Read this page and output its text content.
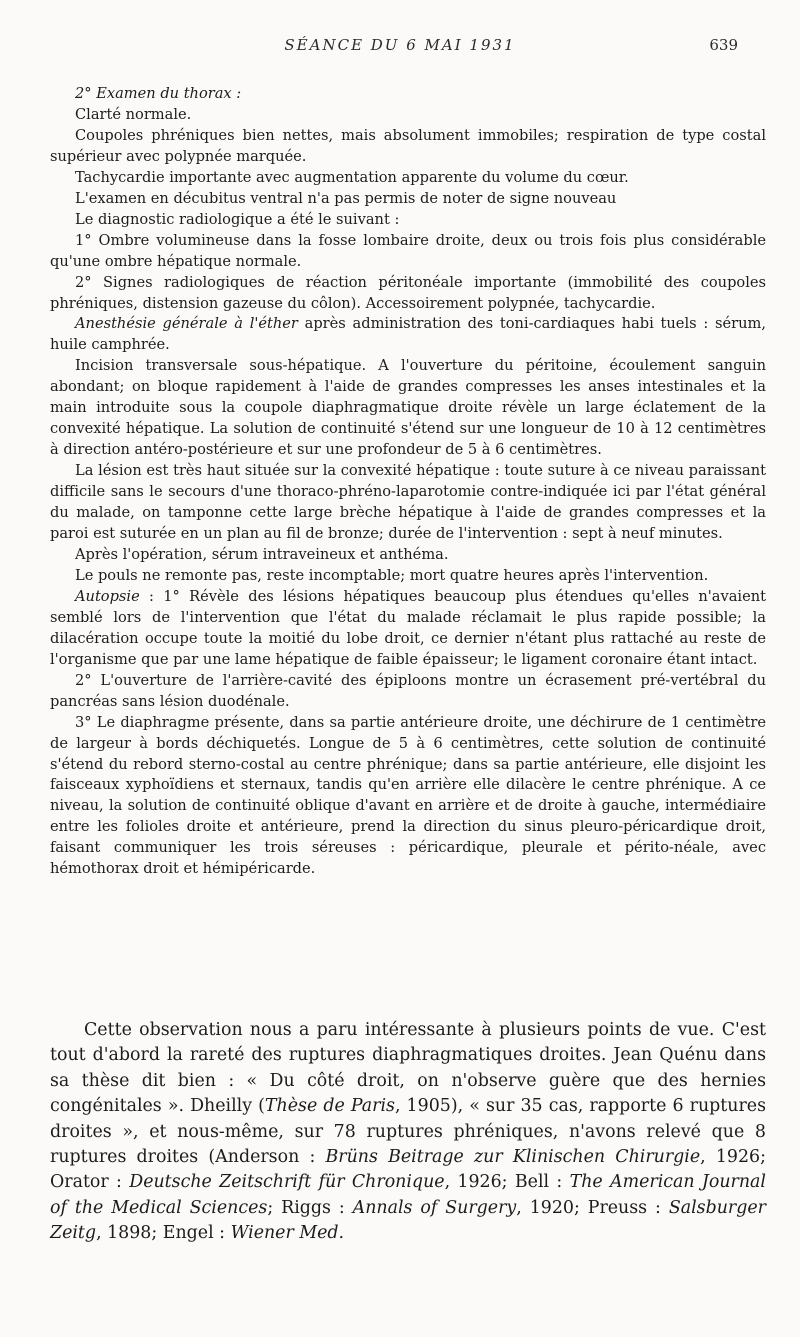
SÉANCE DU 6 MAI 1931	639

2° Examen du thorax :

Clarté normale.

Coupoles phréniques bien nettes, mais absolument immobiles; respiration de type costal supérieur avec polypnée marquée.

Tachycardie importante avec augmentation apparente du volume du cœur.

L'examen en décubitus ventral n'a pas permis de noter de signe nouveau

Le diagnostic radiologique a été le suivant :

1° Ombre volumineuse dans la fosse lombaire droite, deux ou trois fois plus considérable qu'une ombre hépatique normale.

2° Signes radiologiques de réaction péritonéale importante (immobilité des coupoles phréniques, distension gazeuse du côlon). Accessoirement polypnée, tachycardie.

Anesthésie générale à l'éther après administration des toni-cardiaques habi tuels : sérum, huile camphrée.

Incision transversale sous-hépatique. A l'ouverture du péritoine, écoulement sanguin abondant; on bloque rapidement à l'aide de grandes compresses les anses intestinales et la main introduite sous la coupole diaphragmatique droite révèle un large éclatement de la convexité hépatique. La solution de continuité s'étend sur une longueur de 10 à 12 centimètres à direction antéro-postérieure et sur une profondeur de 5 à 6 centimètres.

La lésion est très haut située sur la convexité hépatique : toute suture à ce niveau paraissant difficile sans le secours d'une thoraco-phréno-laparotomie contre-indiquée ici par l'état général du malade, on tamponne cette large brèche hépatique à l'aide de grandes compresses et la paroi est suturée en un plan au fil de bronze; durée de l'intervention : sept à neuf minutes.

Après l'opération, sérum intraveineux et anthéma.

Le pouls ne remonte pas, reste incomptable; mort quatre heures après l'intervention.

Autopsie : 1° Révèle des lésions hépatiques beaucoup plus étendues qu'elles n'avaient semblé lors de l'intervention que l'état du malade réclamait le plus rapide possible; la dilacération occupe toute la moitié du lobe droit, ce dernier n'étant plus rattaché au reste de l'organisme que par une lame hépatique de faible épaisseur; le ligament coronaire étant intact.

2° L'ouverture de l'arrière-cavité des épiploons montre un écrasement pré-vertébral du pancréas sans lésion duodénale.

3° Le diaphragme présente, dans sa partie antérieure droite, une déchirure de 1 centimètre de largeur à bords déchiquetés. Longue de 5 à 6 centimètres, cette solution de continuité s'étend du rebord sterno-costal au centre phrénique; dans sa partie antérieure, elle disjoint les faisceaux xyphoïdiens et sternaux, tandis qu'en arrière elle dilacère le centre phrénique. A ce niveau, la solution de continuité oblique d'avant en arrière et de droite à gauche, intermédiaire entre les folioles droite et antérieure, prend la direction du sinus pleuro-péricardique droit, faisant communiquer les trois séreuses : péricardique, pleurale et périto-néale, avec hémothorax droit et hémipéricarde.

Cette observation nous a paru intéressante à plusieurs points de vue. C'est tout d'abord la rareté des ruptures diaphragmatiques droites. Jean Quénu dans sa thèse dit bien : « Du côté droit, on n'observe guère que des hernies congénitales ». Dheilly (Thèse de Paris, 1905), « sur 35 cas, rapporte 6 ruptures droites », et nous-même, sur 78 ruptures phréniques, n'avons relevé que 8 ruptures droites (Anderson : Brüns Beitrage zur Klinischen Chirurgie, 1926; Orator : Deutsche Zeitschrift für Chronique, 1926; Bell : The American Journal of the Medical Sciences; Riggs : Annals of Surgery, 1920; Preuss : Salsburger Zeitg, 1898; Engel : Wiener Med.
